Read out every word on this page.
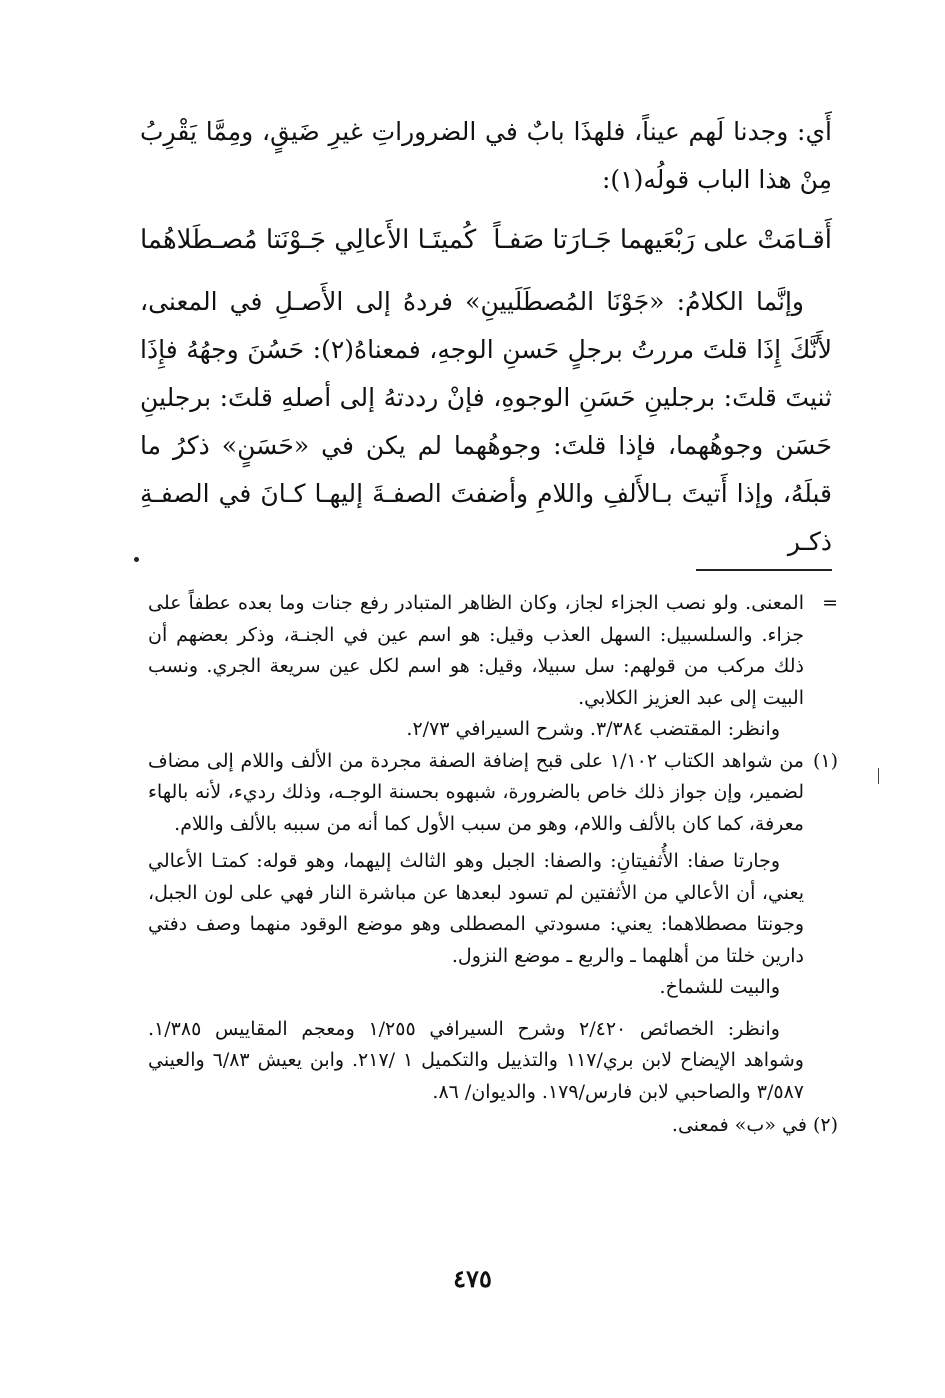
أَي: وجدنا لَهم عيناً، فلهذَا بابٌ في الضروراتِ غيرِ ضَيقٍ، ومِمَّا يَقْرِبُ مِنْ هذا الباب قولُه(١):

أَقـامَتْ على رَبْعَيهما جَـارَتا صَفـاً
كُميتَـا الأَعالِي جَـوْنَتا مُصـطَلاهُما

وإنَّما الكلامُ: «جَوْنَا المُصطَلَيينِ» فردهُ إلى الأَصـلِ في المعنى، لأَنَّكَ إِذَا قلتَ مررتُ برجلٍ حَسنِ الوجهِ، فمعناهُ(٢): حَسُنَ وجهُهُ فإِذَا ثنيتَ قلتَ: برجلينِ حَسَنِ الوجوهِ، فإنْ رددتهُ إلى أصلهِ قلتَ: برجلينِ حَسَن وجوهُهما، فإذا قلتَ: وجوهُهما لم يكن في «حَسَنٍ» ذكرُ ما قبلَهُ، وإذا أَتيتَ بـالأَلفِ واللامِ وأضفتَ الصفـةَ إليهـا كـانَ في الصفـةِ ذكـر

=
المعنى. ولو نصب الجزاء لجاز، وكان الظاهر المتبادر رفع جنات وما بعده عطفاً على جزاء. والسلسبيل: السهل العذب وقيل: هو اسم عين في الجنـة، وذكر بعضهم أن ذلك مركب من قولهم: سل سبيلا، وقيل: هو اسم لكل عين سريعة الجري. ونسب البيت إلى عبد العزيز الكلابي.

وانظر: المقتضب ٣/٣٨٤. وشرح السيرافي ٢/٧٣.

(١)
من شواهد الكتاب ١/١٠٢ على قبح إضافة الصفة مجردة من الألف واللام إلى مضاف لضمير، وإن جواز ذلك خاص بالضرورة، شبهوه بحسنة الوجـه، وذلك رديء، لأنه بالهاء معرفة، كما كان بالألف واللام، وهو من سبب الأول كما أنه من سببه بالألف واللام.

وجارتا صفا: الأُثفيتانِ: والصفا: الجبل وهو الثالث إليهما، وهو قوله: كمتـا الأعالي يعني، أن الأعالي من الأثفتين لم تسود لبعدها عن مباشرة النار فهي على لون الجبل، وجونتا مصطلاهما: يعني: مسودتي المصطلى وهو موضع الوقود منهما وصف دفتي دارين خلتا من أهلهما ـ والربع ـ موضع النزول.

والبيت للشماخ.

وانظر: الخصائص ٢/٤٢٠ وشرح السيرافي ١/٢٥٥ ومعجم المقاييس ١/٣٨٥. وشواهد الإيضاح لابن بري/١١٧ والتذييل والتكميل ١ /٢١٧. وابن يعيش ٦/٨٣ والعيني ٣/٥٨٧ والصاحبي لابن فارس/١٧٩. والديوان/ ٨٦.

(٢) في «ب» فمعنى.

٤٧٥
